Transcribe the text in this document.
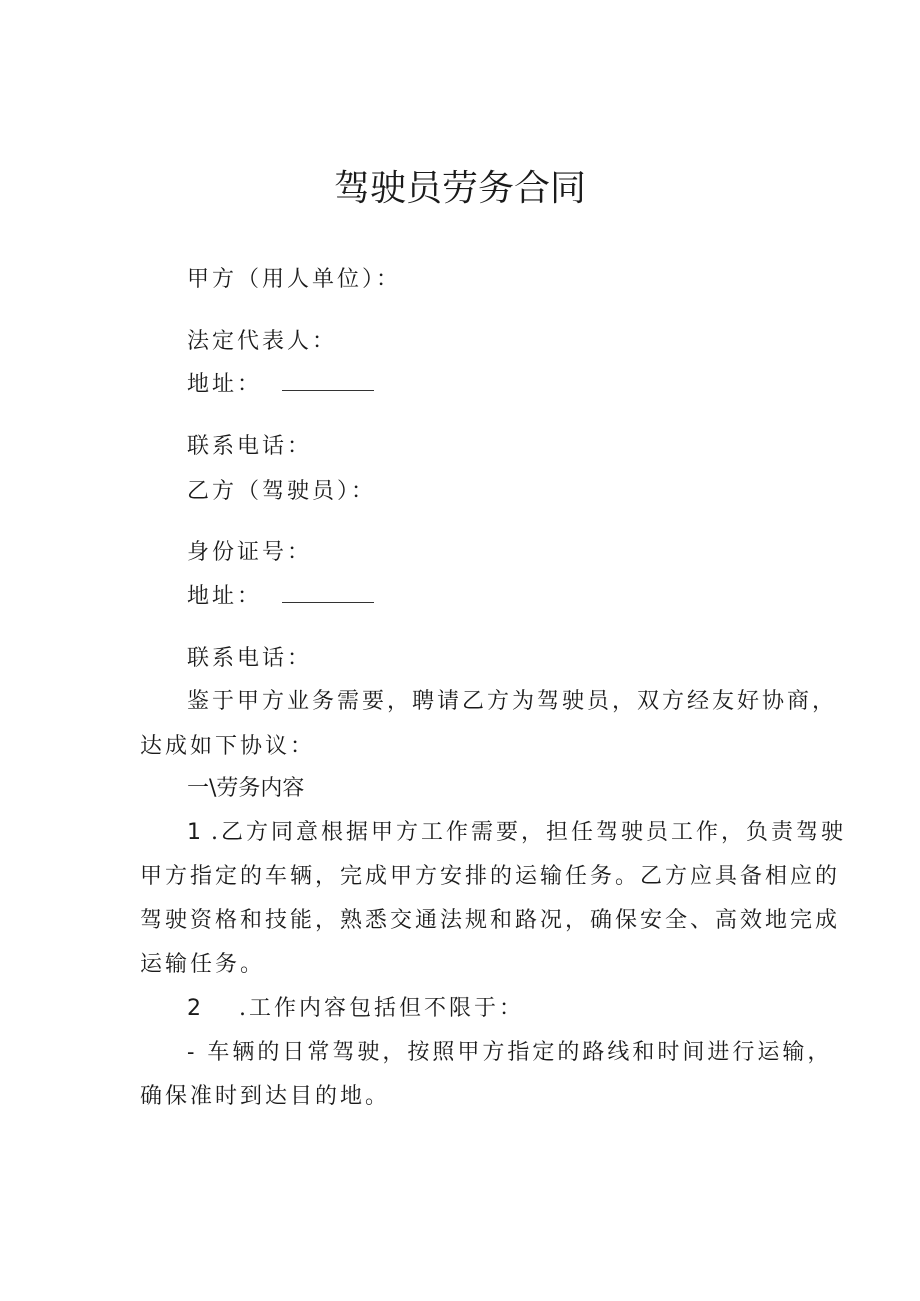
驾驶员劳务合同
甲方（用人单位）：
法定代表人：
地址：
联系电话：
乙方（驾驶员）：
身份证号：
地址：
联系电话：
鉴于甲方业务需要，聘请乙方为驾驶员，双方经友好协商，
达成如下协议：
一\劳务内容
1 .乙方同意根据甲方工作需要，担任驾驶员工作，负责驾驶
甲方指定的车辆，完成甲方安排的运输任务。乙方应具备相应的
驾驶资格和技能，熟悉交通法规和路况，确保安全、高效地完成
运输任务。
2 .工作内容包括但不限于：
- 车辆的日常驾驶，按照甲方指定的路线和时间进行运输，
确保准时到达目的地。
